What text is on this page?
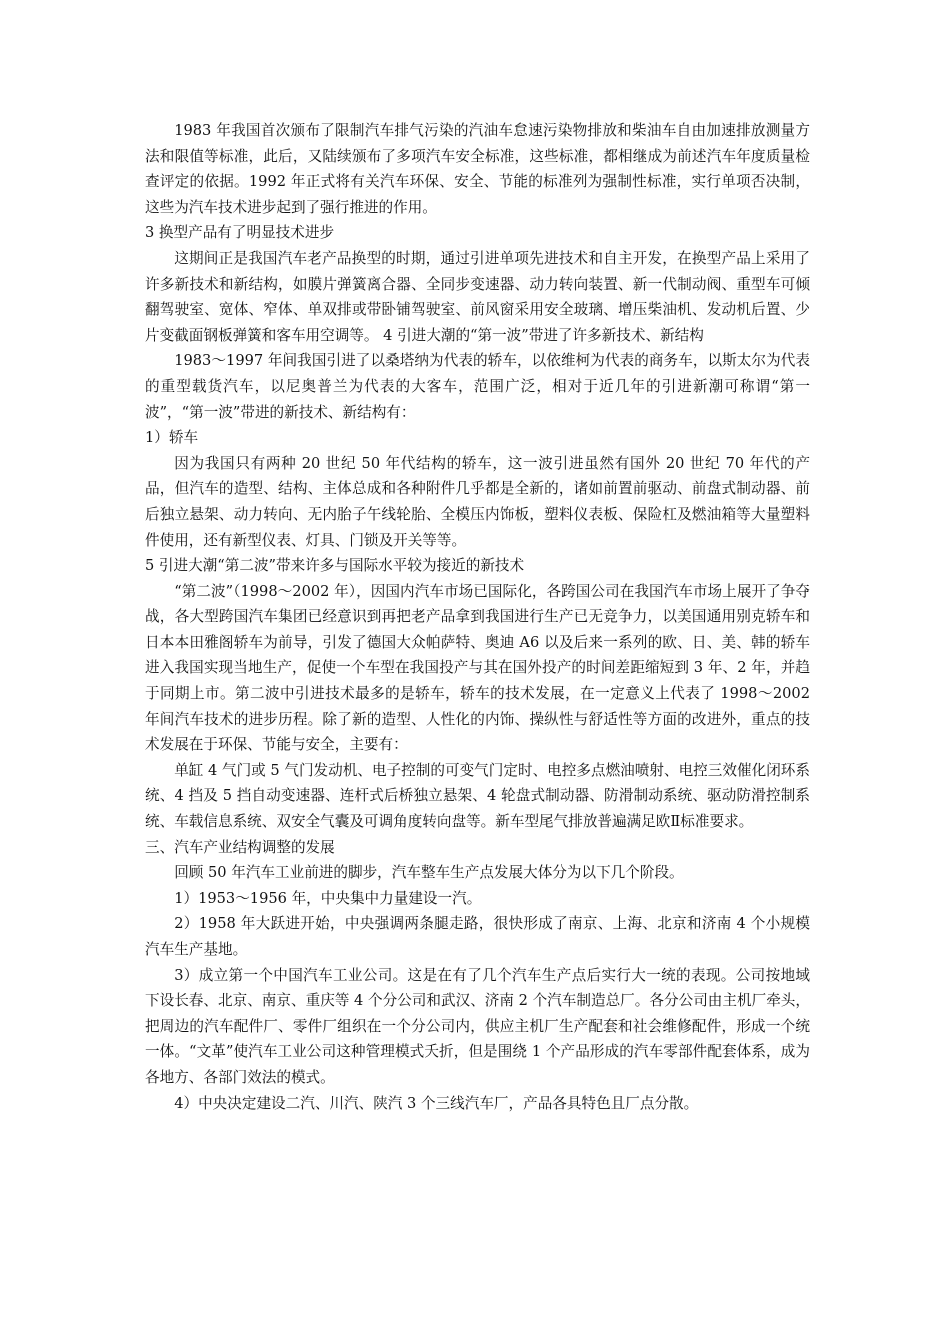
1983 年我国首次颁布了限制汽车排气污染的汽油车怠速污染物排放和柴油车自由加速排放测量方法和限值等标准，此后，又陆续颁布了多项汽车安全标准，这些标准，都相继成为前述汽车年度质量检查评定的依据。1992 年正式将有关汽车环保、安全、节能的标准列为强制性标准，实行单项否决制，这些为汽车技术进步起到了强行推进的作用。

3 换型产品有了明显技术进步

这期间正是我国汽车老产品换型的时期，通过引进单项先进技术和自主开发，在换型产品上采用了许多新技术和新结构，如膜片弹簧离合器、全同步变速器、动力转向装置、新一代制动阀、重型车可倾翻驾驶室、宽体、窄体、单双排或带卧铺驾驶室、前风窗采用安全玻璃、增压柴油机、发动机后置、少片变截面钢板弹簧和客车用空调等。 4 引进大潮的“第一波”带进了许多新技术、新结构

1983～1997 年间我国引进了以桑塔纳为代表的轿车，以依维柯为代表的商务车，以斯太尔为代表的重型载货汽车，以尼奥普兰为代表的大客车，范围广泛，相对于近几年的引进新潮可称谓“第一波”，“第一波”带进的新技术、新结构有：

1）轿车

因为我国只有两种 20 世纪 50 年代结构的轿车，这一波引进虽然有国外 20 世纪 70 年代的产品，但汽车的造型、结构、主体总成和各种附件几乎都是全新的，诸如前置前驱动、前盘式制动器、前后独立悬架、动力转向、无内胎子午线轮胎、全模压内饰板，塑料仪表板、保险杠及燃油箱等大量塑料件使用，还有新型仪表、灯具、门锁及开关等等。

5 引进大潮“第二波”带来许多与国际水平较为接近的新技术

“第二波”（1998～2002 年），因国内汽车市场已国际化，各跨国公司在我国汽车市场上展开了争夺战，各大型跨国汽车集团已经意识到再把老产品拿到我国进行生产已无竞争力，以美国通用别克轿车和日本本田雅阁轿车为前导，引发了德国大众帕萨特、奥迪 A6 以及后来一系列的欧、日、美、韩的轿车进入我国实现当地生产，促使一个车型在我国投产与其在国外投产的时间差距缩短到 3 年、2 年，并趋于同期上市。第二波中引进技术最多的是轿车，轿车的技术发展，在一定意义上代表了 1998～2002 年间汽车技术的进步历程。除了新的造型、人性化的内饰、操纵性与舒适性等方面的改进外，重点的技术发展在于环保、节能与安全，主要有：

单缸 4 气门或 5 气门发动机、电子控制的可变气门定时、电控多点燃油喷射、电控三效催化闭环系统、4 挡及 5 挡自动变速器、连杆式后桥独立悬架、4 轮盘式制动器、防滑制动系统、驱动防滑控制系统、车载信息系统、双安全气囊及可调角度转向盘等。新车型尾气排放普遍满足欧Ⅱ标准要求。

三、汽车产业结构调整的发展

回顾 50 年汽车工业前进的脚步，汽车整车生产点发展大体分为以下几个阶段。

1）1953～1956 年，中央集中力量建设一汽。

2）1958 年大跃进开始，中央强调两条腿走路，很快形成了南京、上海、北京和济南 4 个小规模汽车生产基地。

3）成立第一个中国汽车工业公司。这是在有了几个汽车生产点后实行大一统的表现。公司按地域下设长春、北京、南京、重庆等 4 个分公司和武汉、济南 2 个汽车制造总厂。各分公司由主机厂牵头，把周边的汽车配件厂、零件厂组织在一个分公司内，供应主机厂生产配套和社会维修配件，形成一个统一体。“文革”使汽车工业公司这种管理模式夭折，但是围绕 1 个产品形成的汽车零部件配套体系，成为各地方、各部门效法的模式。

4）中央决定建设二汽、川汽、陕汽 3 个三线汽车厂，产品各具特色且厂点分散。
